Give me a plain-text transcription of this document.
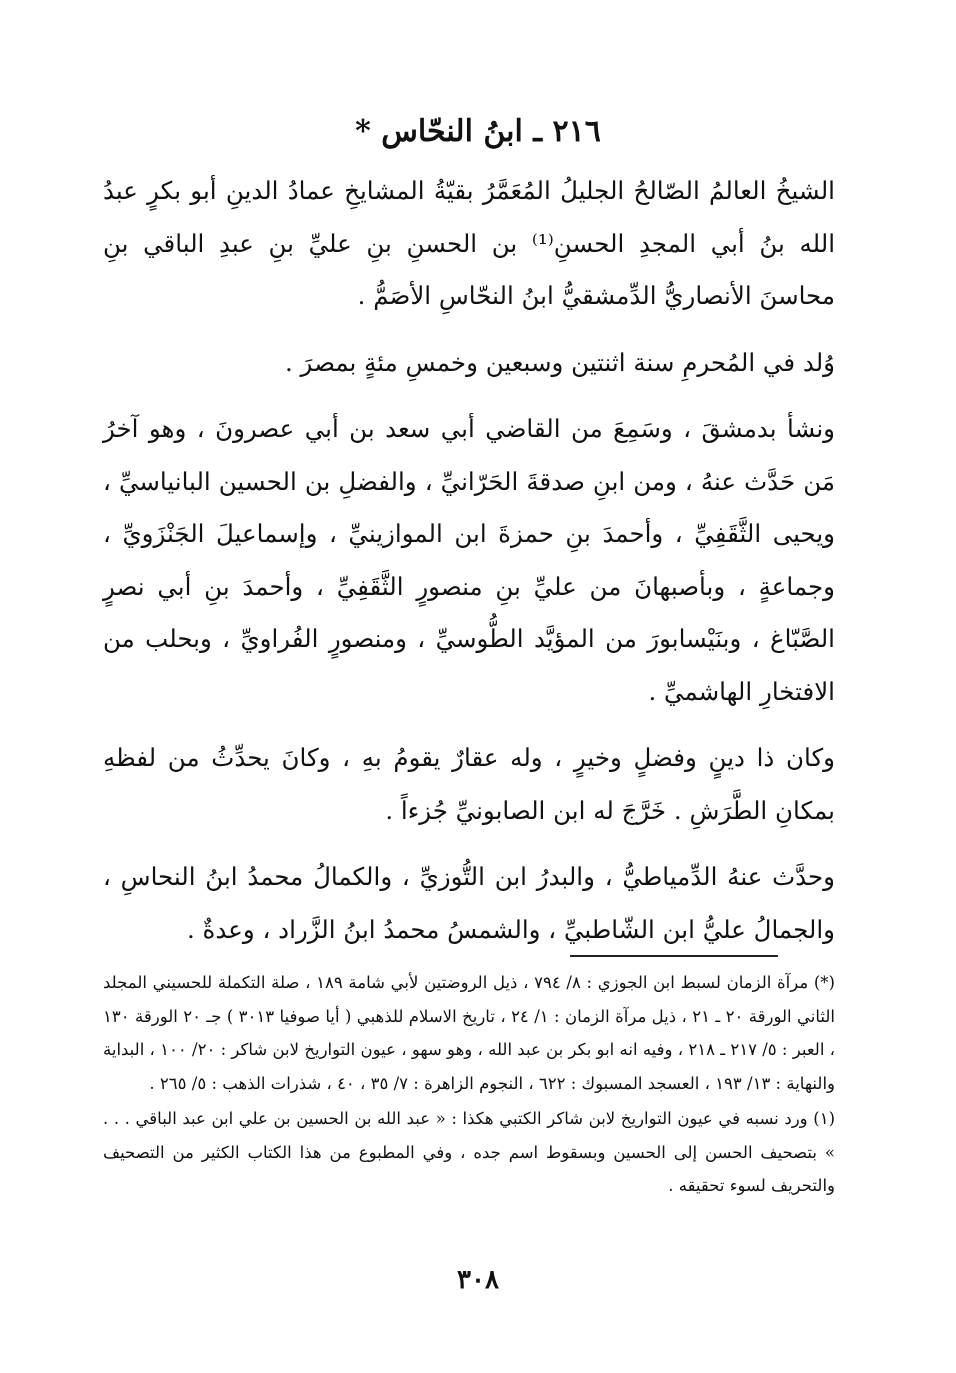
٢١٦ ـ ابنُ النحّاس *

الشيخُ العالمُ الصّالحُ الجليلُ المُعَمَّرُ بقيّةُ المشايخِ عمادُ الدينِ أبو بكرٍ عبدُ الله بنُ أبي المجدِ الحسنِ⁽¹⁾ بن الحسنِ بنِ عليِّ بنِ عبدِ الباقي بنِ محاسنَ الأنصاريُّ الدِّمشقيُّ ابنُ النحّاسِ الأصَمُّ .

وُلد في المُحرمِ سنة اثنتين وسبعين وخمسِ مئةٍ بمصرَ .

ونشأ بدمشقَ ، وسَمِعَ من القاضي أبي سعد بن أبي عصرونَ ، وهو آخرُ مَن حَدَّث عنهُ ، ومن ابنِ صدقةَ الحَرّانيِّ ، والفضلِ بن الحسين البانياسيِّ ، ويحيى الثَّقَفِيِّ ، وأحمدَ بنِ حمزةَ ابن الموازينيِّ ، وإسماعيلَ الجَنْزَويِّ ، وجماعةٍ ، وبأصبهانَ من عليِّ بنِ منصورٍ الثَّقَفِيِّ ، وأحمدَ بنِ أبي نصرٍ الصَّبّاغ ، وبنَيْسابورَ من المؤيَّد الطُّوسيِّ ، ومنصورٍ الفُراويِّ ، وبحلب من الافتخارِ الهاشميِّ .

وكان ذا دينٍ وفضلٍ وخيرٍ ، وله عقارٌ يقومُ بهِ ، وكانَ يحدِّثُ من لفظهِ بمكانِ الطَّرَشِ . خَرَّجَ له ابن الصابونيِّ جُزءاً .

وحدَّث عنهُ الدِّمياطيُّ ، والبدرُ ابن التُّوزيِّ ، والكمالُ محمدُ ابنُ النحاسِ ، والجمالُ عليُّ ابن الشّاطبيِّ ، والشمسُ محمدُ ابنُ الزَّراد ، وعدةٌ .

(*) مرآة الزمان لسبط ابن الجوزي : ٨/ ٧٩٤ ، ذيل الروضتين لأبي شامة ١٨٩ ، صلة التكملة للحسيني المجلد الثاني الورقة ٢٠ ـ ٢١ ، ذيل مرآة الزمان : ١/ ٢٤ ، تاريخ الاسلام للذهبي ( أيا صوفيا ٣٠١٣ ) جـ ٢٠ الورقة ١٣٠ ، العبر : ٥/ ٢١٧ ـ ٢١٨ ، وفيه انه ابو بكر بن عبد الله ، وهو سهو ، عيون التواريخ لابن شاكر : ٢٠/ ١٠٠ ، البداية والنهاية : ١٣/ ١٩٣ ، العسجد المسبوك : ٦٢٢ ، النجوم الزاهرة : ٧/ ٣٥ ، ٤٠ ، شذرات الذهب : ٥/ ٢٦٥ .

(١) ورد نسبه في عيون التواريخ لابن شاكر الكتبي هكذا : « عبد الله بن الحسين بن علي ابن عبد الباقي . . . » بتصحيف الحسن إلى الحسين وبسقوط اسم جده ، وفي المطبوع من هذا الكتاب الكثير من التصحيف والتحريف لسوء تحقيقه .

٣٠٨
